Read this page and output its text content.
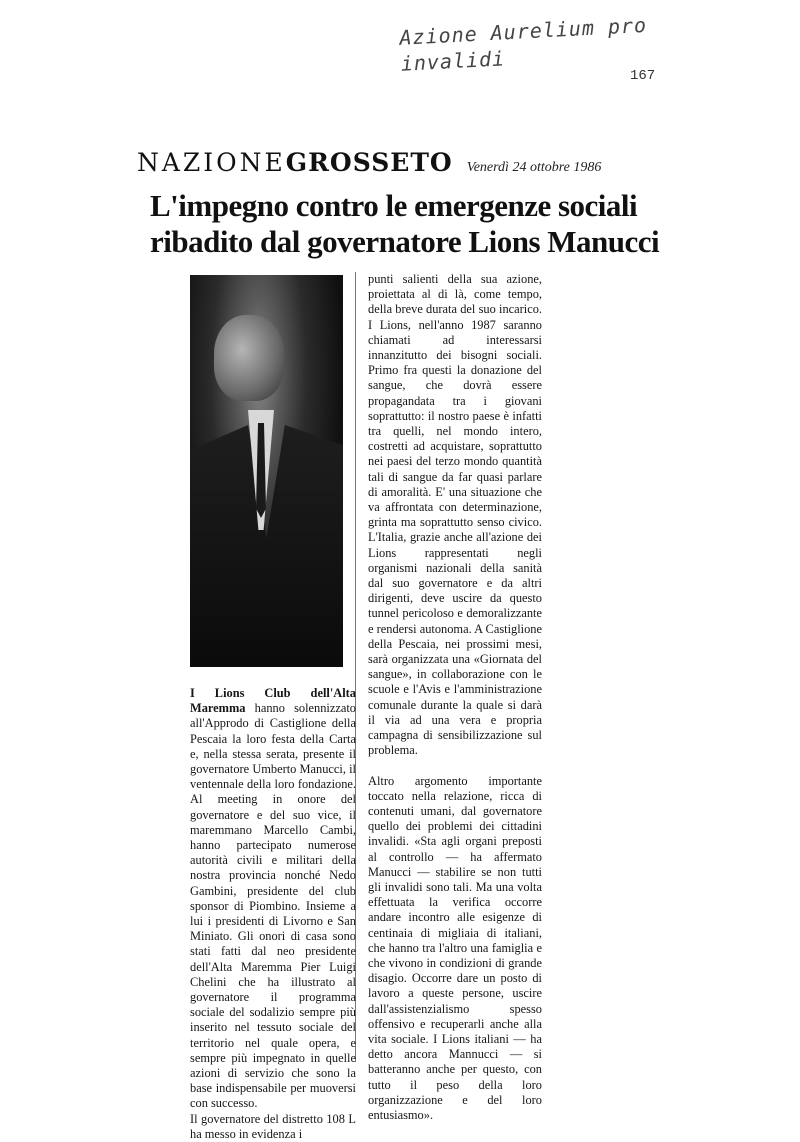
Azione Aurelium pro invalidi
167
NAZIONEGROSSETO Venerdì 24 ottobre 1986
L'impegno contro le emergenze sociali
ribadito dal governatore Lions Manucci

I Lions Club dell'Alta Maremma hanno solennizzato all'Approdo di Castiglione della Pescaia la loro festa della Carta e, nella stessa serata, presente il governatore Umberto Manucci, il ventennale della loro fondazione. Al meeting in onore del governatore e del suo vice, il maremmano Marcello Cambi, hanno partecipato numerose autorità civili e militari della nostra provincia nonché Nedo Gambini, presidente del club sponsor di Piombino. Insieme a lui i presidenti di Livorno e San Miniato. Gli onori di casa sono stati fatti dal neo presidente dell'Alta Maremma Pier Luigi Chelini che ha illustrato al governatore il programma sociale del sodalizio sempre più inserito nel tessuto sociale del territorio nel quale opera, e sempre più impegnato in quelle azioni di servizio che sono la base indispensabile per muoversi con successo.

Il governatore del distretto 108 L ha messo in evidenza i

punti salienti della sua azione, proiettata al di là, come tempo, della breve durata del suo incarico. I Lions, nell'anno 1987 saranno chiamati ad interessarsi innanzitutto dei bisogni sociali. Primo fra questi la donazione del sangue, che dovrà essere propagandata tra i giovani soprattutto: il nostro paese è infatti tra quelli, nel mondo intero, costretti ad acquistare, soprattutto nei paesi del terzo mondo quantità tali di sangue da far quasi parlare di amoralità. E' una situazione che va affrontata con determinazione, grinta ma soprattutto senso civico. L'Italia, grazie anche all'azione dei Lions rappresentati negli organismi nazionali della sanità dal suo governatore e da altri dirigenti, deve uscire da questo tunnel pericoloso e demoralizzante e rendersi autonoma. A Castiglione della Pescaia, nei prossimi mesi, sarà organizzata una «Giornata del sangue», in collaborazione con le scuole e l'Avis e l'amministrazione comunale durante la quale si darà il via ad una vera e propria campagna di sensibilizzazione sul problema.

Altro argomento importante toccato nella relazione, ricca di contenuti umani, dal governatore quello dei problemi dei cittadini invalidi. «Sta agli organi preposti al controllo — ha affermato Manucci — stabilire se non tutti gli invalidi sono tali. Ma una volta effettuata la verifica occorre andare incontro alle esigenze di centinaia di migliaia di italiani, che hanno tra l'altro una famiglia e che vivono in condizioni di grande disagio. Occorre dare un posto di lavoro a queste persone, uscire dall'assistenzialismo spesso offensivo e recuperarli anche alla vita sociale. I Lions italiani — ha detto ancora Mannucci — si batteranno anche per questo, con tutto il peso della loro organizzazione e del loro entusiasmo».
